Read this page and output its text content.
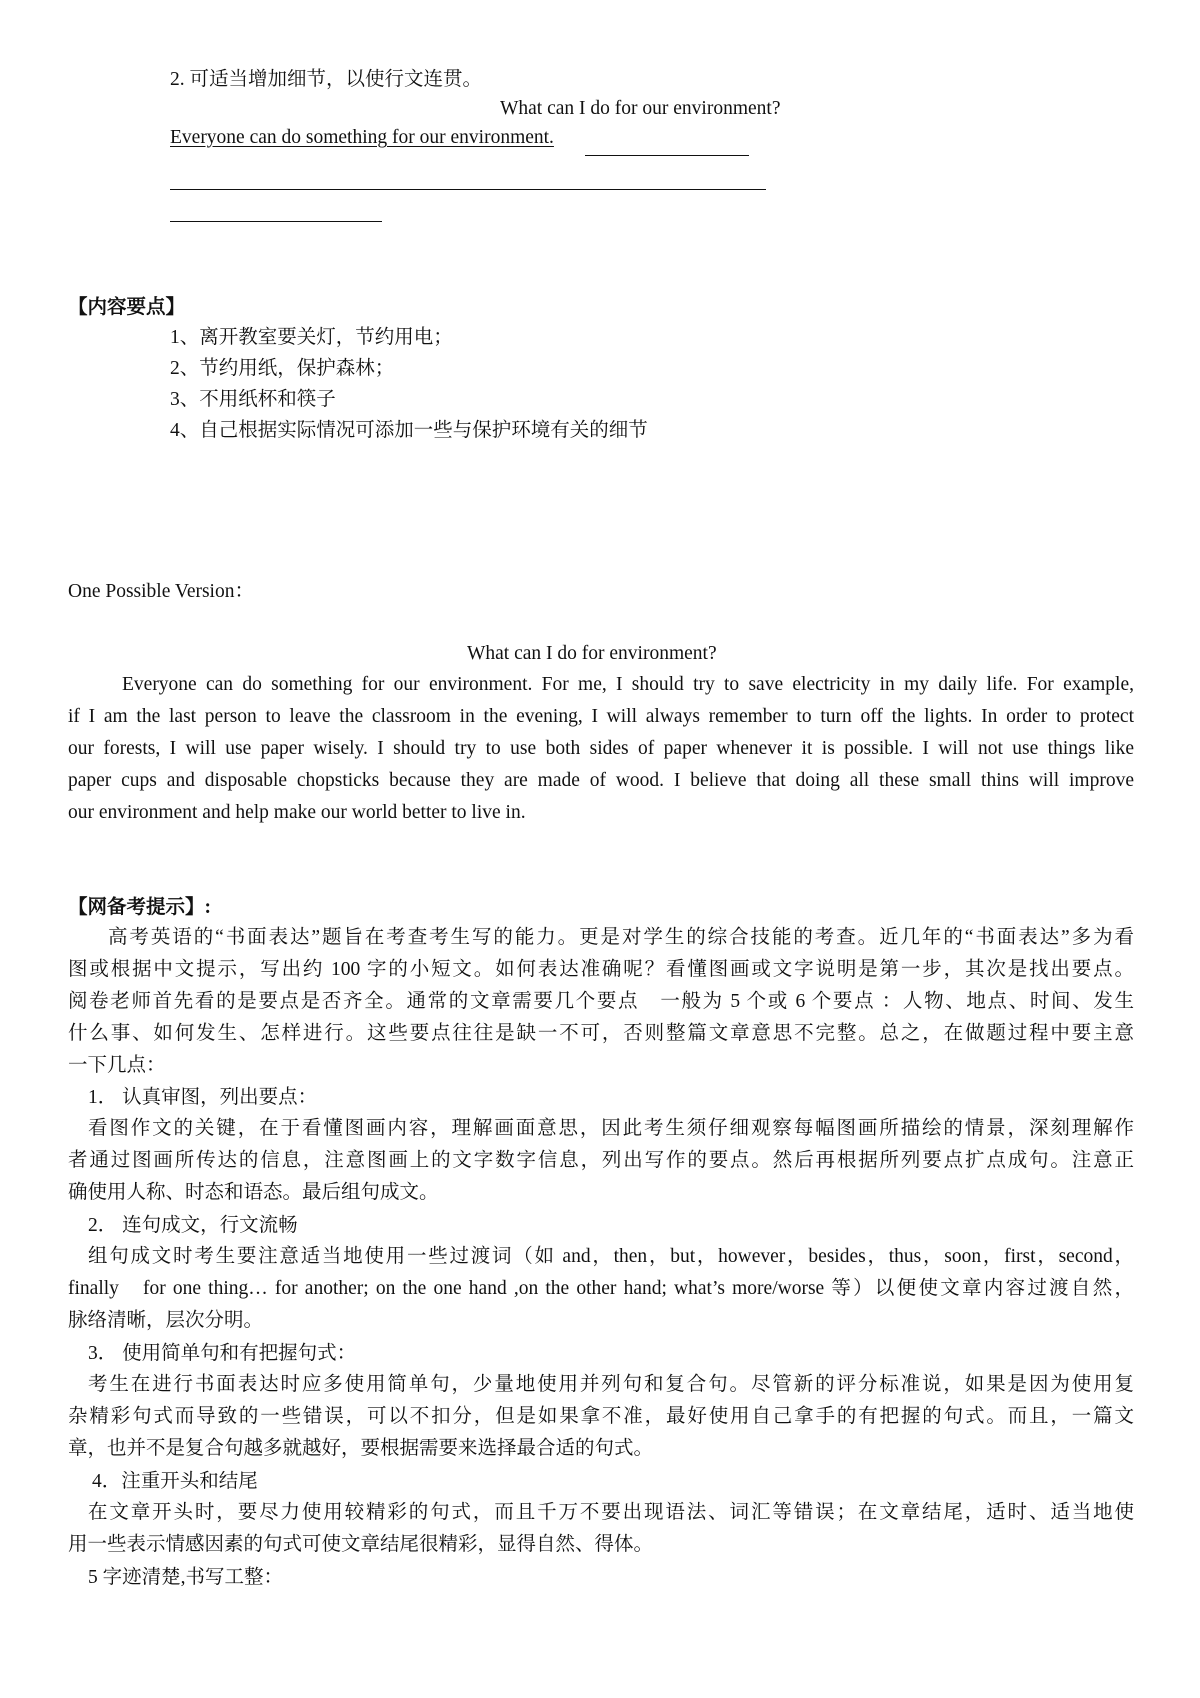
2. 可适当增加细节，以使行文连贯。
What can I do for our environment?
Everyone can do something for our environment.
【内容要点】
1、离开教室要关灯，节约用电；
2、节约用纸，保护森林；
3、不用纸杯和筷子
4、自己根据实际情况可添加一些与保护环境有关的细节
One Possible Version：
What can I do for environment?
Everyone can do something for our environment. For me, I should try to save electricity in my daily life. For example,
if I am the last person to leave the classroom in the evening, I will always remember to turn off the lights. In order to protect
our forests, I will use paper wisely. I should try to use both sides of paper whenever it is possible. I will not use things like
paper cups and disposable chopsticks because they are made of wood. I believe that doing all these small thins will improve
our environment and help make our world better to live in.
【网备考提示】:
高考英语的“书面表达”题旨在考查考生写的能力。更是对学生的综合技能的考查。近几年的“书面表达”多为看
图或根据中文提示，写出约 100 字的小短文。如何表达准确呢？看懂图画或文字说明是第一步，其次是找出要点。
阅卷老师首先看的是要点是否齐全。通常的文章需要几个要点　一般为 5 个或 6 个要点 ：人物、地点、时间、发生
什么事、如何发生、怎样进行。这些要点往往是缺一不可，否则整篇文章意思不完整。总之，在做题过程中要主意
一下几点：
1． 认真审图，列出要点：
看图作文的关键，在于看懂图画内容，理解画面意思，因此考生须仔细观察每幅图画所描绘的情景，深刻理解作
者通过图画所传达的信息，注意图画上的文字数字信息，列出写作的要点。然后再根据所列要点扩点成句。注意正
确使用人称、时态和语态。最后组句成文。
2． 连句成文，行文流畅
组句成文时考生要注意适当地使用一些过渡词（如 and，then，but，however，besides，thus，soon，first，second，
finally　for one thing… for another; on the one hand ,on the other hand; what’s more/worse 等）以便使文章内容过渡自然，
脉络清晰，层次分明。
3． 使用简单句和有把握句式：
考生在进行书面表达时应多使用简单句，少量地使用并列句和复合句。尽管新的评分标准说，如果是因为使用复
杂精彩句式而导致的一些错误，可以不扣分，但是如果拿不准，最好使用自己拿手的有把握的句式。而且，一篇文
章，也并不是复合句越多就越好，要根据需要来选择最合适的句式。
4．注重开头和结尾
在文章开头时，要尽力使用较精彩的句式，而且千万不要出现语法、词汇等错误；在文章结尾，适时、适当地使
用一些表示情感因素的句式可使文章结尾很精彩，显得自然、得体。
5 字迹清楚,书写工整：
